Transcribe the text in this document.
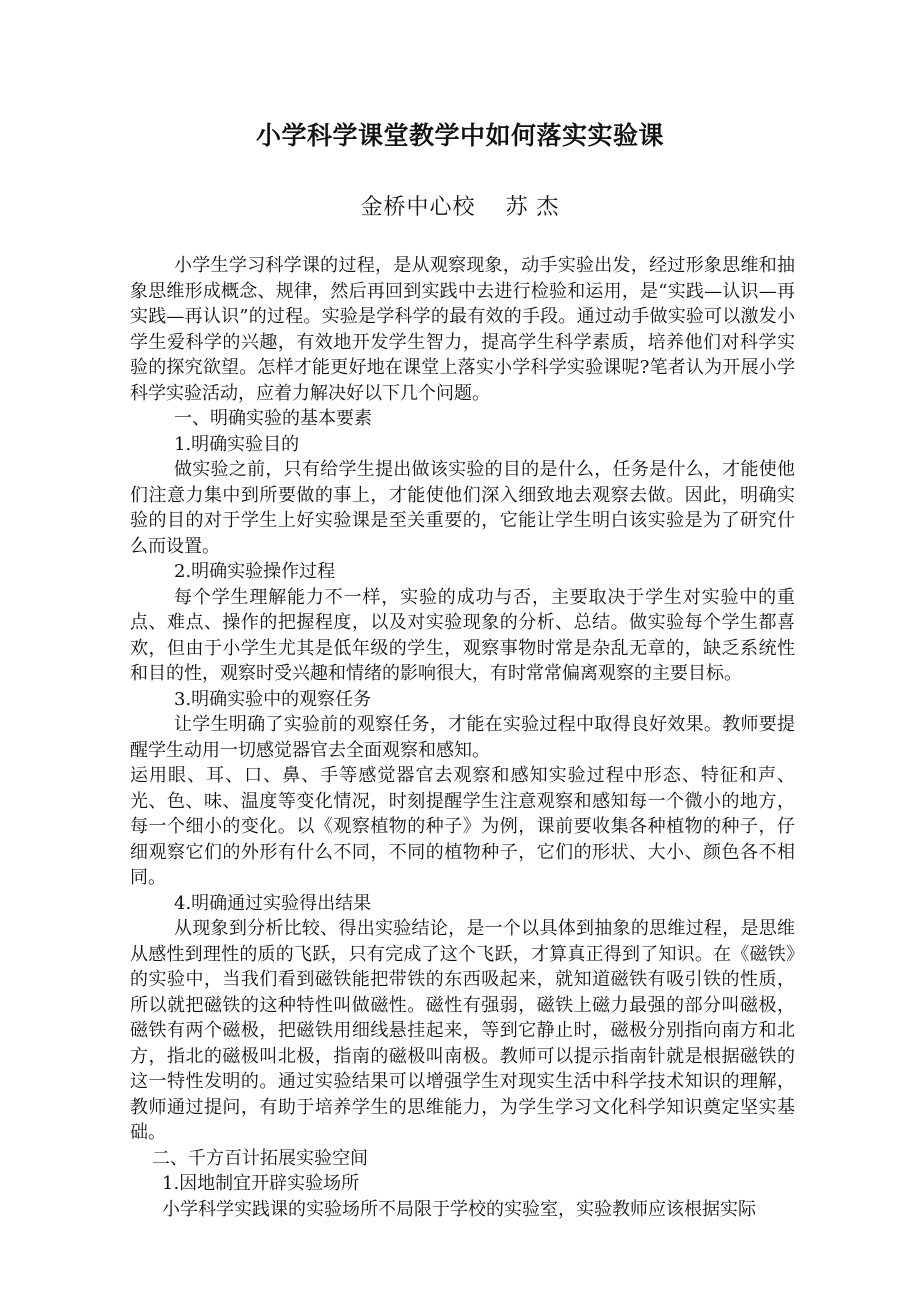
小学科学课堂教学中如何落实实验课
金桥中心校 苏 杰

小学生学习科学课的过程，是从观察现象，动手实验出发，经过形象思维和抽象思维形成概念、规律，然后再回到实践中去进行检验和运用，是“实践—认识—再实践—再认识”的过程。实验是学科学的最有效的手段。通过动手做实验可以激发小学生爱科学的兴趣，有效地开发学生智力，提高学生科学素质，培养他们对科学实验的探究欲望。怎样才能更好地在课堂上落实小学科学实验课呢?笔者认为开展小学科学实验活动，应着力解决好以下几个问题。

一、明确实验的基本要素

1.明确实验目的

做实验之前，只有给学生提出做该实验的目的是什么，任务是什么，才能使他们注意力集中到所要做的事上，才能使他们深入细致地去观察去做。因此，明确实验的目的对于学生上好实验课是至关重要的，它能让学生明白该实验是为了研究什么而设置。

2.明确实验操作过程

每个学生理解能力不一样，实验的成功与否，主要取决于学生对实验中的重点、难点、操作的把握程度，以及对实验现象的分析、总结。做实验每个学生都喜欢，但由于小学生尤其是低年级的学生，观察事物时常是杂乱无章的，缺乏系统性和目的性，观察时受兴趣和情绪的影响很大，有时常常偏离观察的主要目标。

3.明确实验中的观察任务

让学生明确了实验前的观察任务，才能在实验过程中取得良好效果。教师要提醒学生动用一切感觉器官去全面观察和感知。

运用眼、耳、口、鼻、手等感觉器官去观察和感知实验过程中形态、特征和声、光、色、味、温度等变化情况，时刻提醒学生注意观察和感知每一个微小的地方，每一个细小的变化。以《观察植物的种子》为例，课前要收集各种植物的种子，仔细观察它们的外形有什么不同，不同的植物种子，它们的形状、大小、颜色各不相同。

4.明确通过实验得出结果

从现象到分析比较、得出实验结论，是一个以具体到抽象的思维过程，是思维从感性到理性的质的飞跃，只有完成了这个飞跃，才算真正得到了知识。在《磁铁》的实验中，当我们看到磁铁能把带铁的东西吸起来，就知道磁铁有吸引铁的性质，所以就把磁铁的这种特性叫做磁性。磁性有强弱，磁铁上磁力最强的部分叫磁极，磁铁有两个磁极，把磁铁用细线悬挂起来，等到它静止时，磁极分别指向南方和北方，指北的磁极叫北极，指南的磁极叫南极。教师可以提示指南针就是根据磁铁的这一特性发明的。通过实验结果可以增强学生对现实生活中科学技术知识的理解，教师通过提问，有助于培养学生的思维能力，为学生学习文化科学知识奠定坚实基础。

二、千方百计拓展实验空间

1.因地制宜开辟实验场所

小学科学实践课的实验场所不局限于学校的实验室，实验教师应该根据实际
